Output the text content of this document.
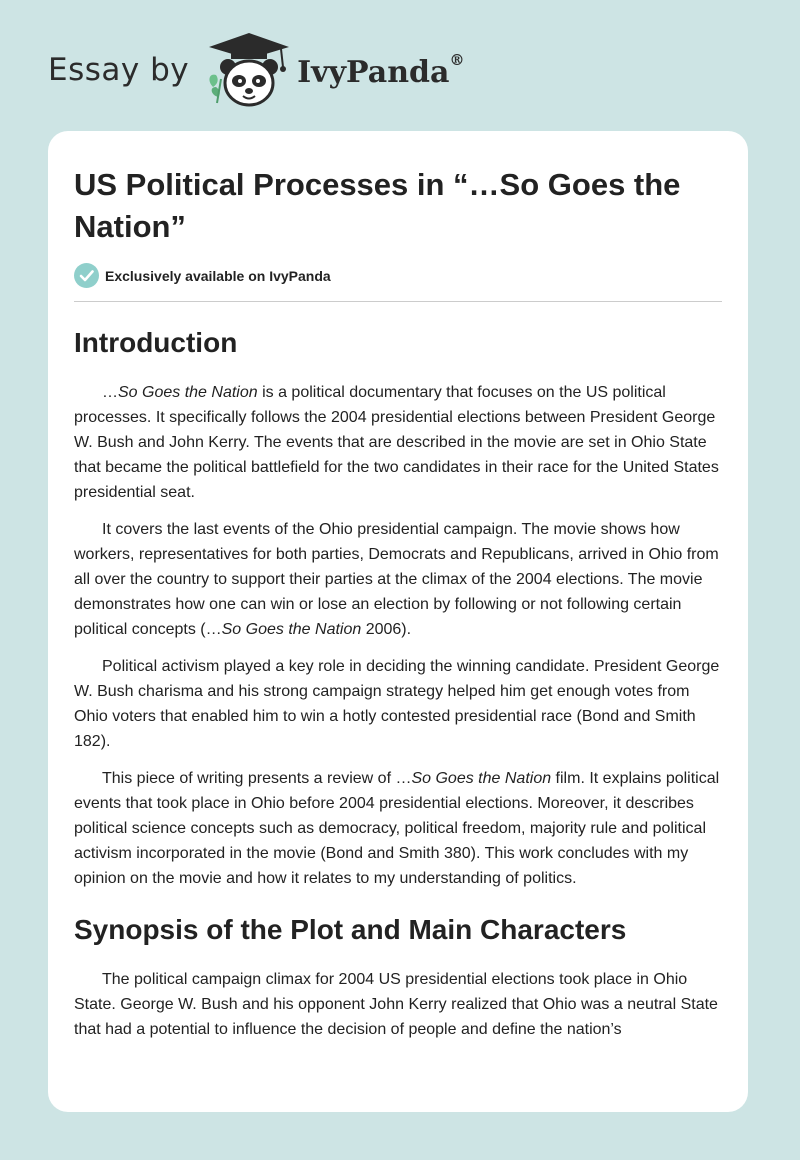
Essay by	IvyPanda®
US Political Processes in “…So Goes the Nation”
Exclusively available on IvyPanda
Introduction

…So Goes the Nation is a political documentary that focuses on the US political processes. It specifically follows the 2004 presidential elections between President George W. Bush and John Kerry. The events that are described in the movie are set in Ohio State that became the political battlefield for the two candidates in their race for the United States presidential seat.

It covers the last events of the Ohio presidential campaign. The movie shows how workers, representatives for both parties, Democrats and Republicans, arrived in Ohio from all over the country to support their parties at the climax of the 2004 elections. The movie demonstrates how one can win or lose an election by following or not following certain political concepts (…So Goes the Nation 2006).

Political activism played a key role in deciding the winning candidate. President George W. Bush charisma and his strong campaign strategy helped him get enough votes from Ohio voters that enabled him to win a hotly contested presidential race (Bond and Smith 182).

This piece of writing presents a review of …So Goes the Nation film. It explains political events that took place in Ohio before 2004 presidential elections. Moreover, it describes political science concepts such as democracy, political freedom, majority rule and political activism incorporated in the movie (Bond and Smith 380). This work concludes with my opinion on the movie and how it relates to my understanding of politics.

Synopsis of the Plot and Main Characters

The political campaign climax for 2004 US presidential elections took place in Ohio State. George W. Bush and his opponent John Kerry realized that Ohio was a neutral State that had a potential to influence the decision of people and define the nation’s
